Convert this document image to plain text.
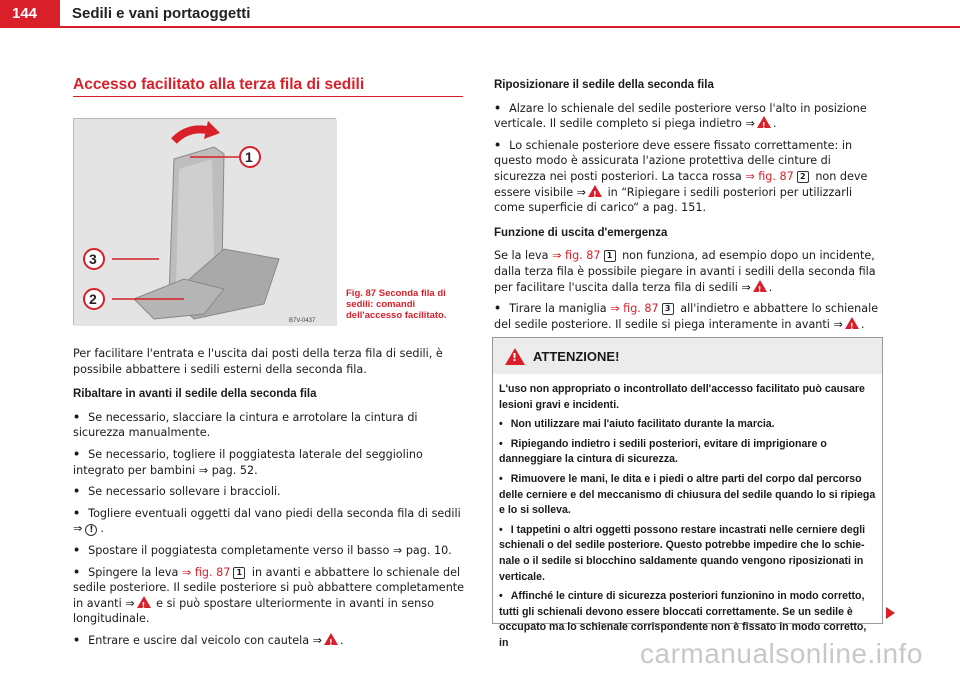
144	Sedili e vani portaoggetti
Accesso facilitato alla terza fila di sedili
1
2
3
B7V-0437
Fig. 87 Seconda fila di sedili: comandi dell'accesso facilitato.

Per facilitare l'entrata e l'uscita dai posti della terza fila di sedili, è possibile abbattere i sedili esterni della seconda fila.

Ribaltare in avanti il sedile della seconda fila

• Se necessario, slacciare la cintura e arrotolare la cintura di sicurezza manualmente.

• Se necessario, togliere il poggiatesta laterale del seggiolino integrato per bambini ⇒ pag. 52.

• Se necessario sollevare i braccioli.

• Togliere eventuali oggetti dal vano piedi della seconda fila di sedili ⇒ ! .

• Spostare il poggiatesta completamente verso il basso ⇒ pag. 10.

• Spingere la leva ⇒ fig. 87 1 in avanti e abbattere lo schienale del sedile posteriore. Il sedile posteriore si può abbattere completamente in avanti ⇒! e si può spostare ulteriormente in avanti in senso longitudinale.

• Entrare e uscire dal veicolo con cautela ⇒ ! .

Riposizionare il sedile della seconda fila

• Alzare lo schienale del sedile posteriore verso l'alto in posizione verticale. Il sedile completo si piega indietro ⇒ ! .

• Lo schienale posteriore deve essere fissato correttamente: in questo modo è assicurata l'azione protettiva delle cinture di sicurezza nei posti posteriori. La tacca rossa ⇒ fig. 87 2 non deve essere visibile ⇒! in “Ripiegare i sedili posteriori per utilizzarli come superficie di carico“ a pag. 151.

Funzione di uscita d'emergenza

Se la leva ⇒ fig. 87 1 non funziona, ad esempio dopo un incidente, dalla terza fila è possibile piegare in avanti i sedili della seconda fila per facilitare l'uscita dalla terza fila di sedili ⇒ ! .

• Tirare la maniglia ⇒ fig. 87 3 all'indietro e abbattere lo schienale del sedile posteriore. Il sedile si piega interamente in avanti ⇒ ! .

!
ATTENZIONE!

L'uso non appropriato o incontrollato dell'accesso facilitato può causare lesioni gravi e incidenti.

• Non utilizzare mai l'aiuto facilitato durante la marcia.

• Ripiegando indietro i sedili posteriori, evitare di imprigionare o danneggiare la cintura di sicurezza.

• Rimuovere le mani, le dita e i piedi o altre parti del corpo dal percorso delle cerniere e del meccanismo di chiusura del sedile quando lo si ripiega e lo si solleva.

• I tappetini o altri oggetti possono restare incastrati nelle cerniere degli schienali o del sedile posteriore. Questo potrebbe impedire che lo schie-nale o il sedile si blocchino saldamente quando vengono riposizionati in verticale.

• Affinché le cinture di sicurezza posteriori funzionino in modo corretto, tutti gli schienali devono essere bloccati correttamente. Se un sedile è occupato ma lo schienale corrispondente non è fissato in modo corretto, in	carmanualsonline.info
